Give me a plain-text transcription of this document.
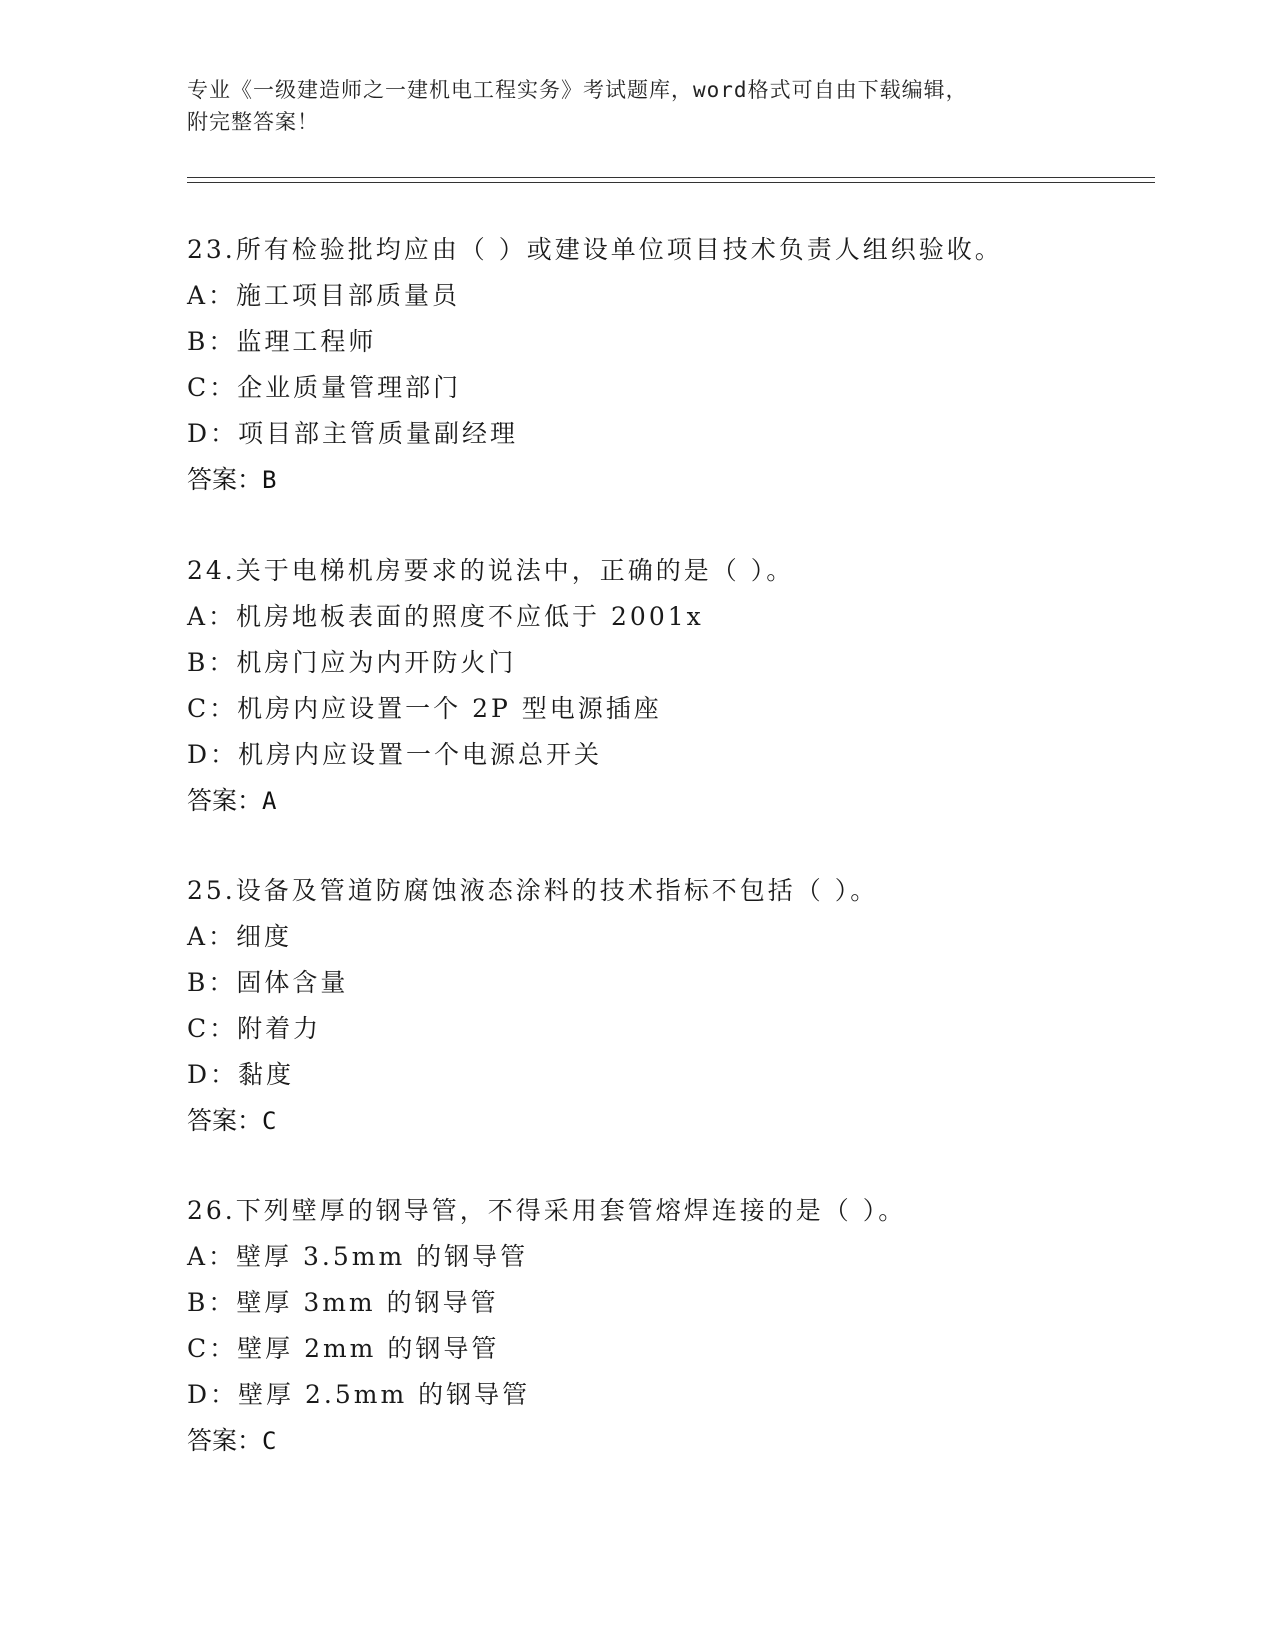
专业《一级建造师之一建机电工程实务》考试题库，word格式可自由下载编辑，
附完整答案！
23.所有检验批均应由（ ）或建设单位项目技术负责人组织验收。
A：施工项目部质量员
B：监理工程师
C：企业质量管理部门
D：项目部主管质量副经理
答案：B
24.关于电梯机房要求的说法中，正确的是（ ）。
A：机房地板表面的照度不应低于 2001x
B：机房门应为内开防火门
C：机房内应设置一个 2P 型电源插座
D：机房内应设置一个电源总开关
答案：A
25.设备及管道防腐蚀液态涂料的技术指标不包括（ ）。
A：细度
B：固体含量
C：附着力
D：黏度
答案：C
26.下列壁厚的钢导管，不得采用套管熔焊连接的是（ ）。
A：壁厚 3.5mm 的钢导管
B：壁厚 3mm 的钢导管
C：壁厚 2mm 的钢导管
D：壁厚 2.5mm 的钢导管
答案：C
